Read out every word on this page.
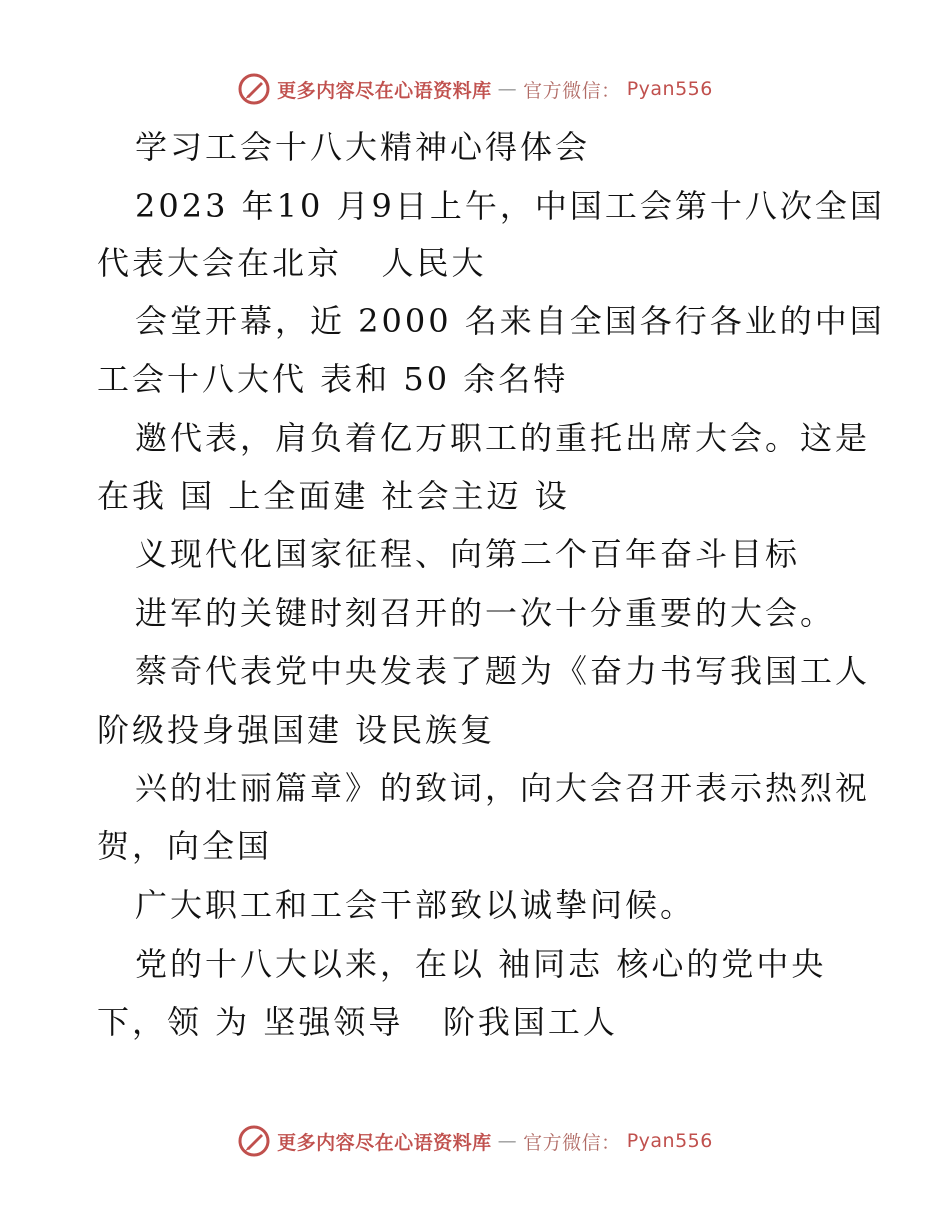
更多内容尽在心语资料库 — 官方微信： Pyan556
学习工会十八大精神心得体会
2023 年10 月9日上午，中国工会第十八次全国
代表大会在北京   人民大
会堂开幕，近 2000 名来自全国各行各业的中国
工会十八大代 表和 50 余名特
邀代表，肩负着亿万职工的重托出席大会。这是
在我 国 上全面建 社会主迈 设
义现代化国家征程、向第二个百年奋斗目标
进军的关键时刻召开的一次十分重要的大会。
蔡奇代表党中央发表了题为《奋力书写我国工人
阶级投身强国建 设民族复
兴的壮丽篇章》的致词，向大会召开表示热烈祝
贺，向全国
广大职工和工会干部致以诚挚问候。
党的十八大以来，在以 袖同志 核心的党中央
下，领 为 坚强领导   阶我国工人
更多内容尽在心语资料库 — 官方微信： Pyan556
